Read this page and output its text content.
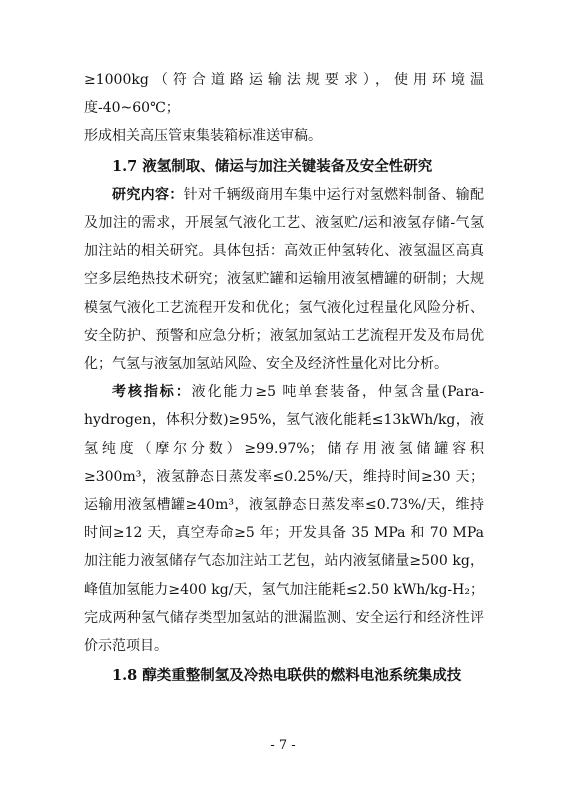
≥1000kg（符合道路运输法规要求），使用环境温度-40~60℃；

形成相关高压管束集装箱标准送审稿。

1.7 液氢制取、储运与加注关键装备及安全性研究

研究内容：针对千辆级商用车集中运行对氢燃料制备、输配及加注的需求，开展氢气液化工艺、液氢贮/运和液氢存储-气氢加注站的相关研究。具体包括：高效正仲氢转化、液氢温区高真空多层绝热技术研究；液氢贮罐和运输用液氢槽罐的研制；大规模氢气液化工艺流程开发和优化；氢气液化过程量化风险分析、安全防护、预警和应急分析；液氢加氢站工艺流程开发及布局优化；气氢与液氢加氢站风险、安全及经济性量化对比分析。

考核指标：液化能力≥5 吨单套装备，仲氢含量(Para-hydrogen，体积分数)≥95%，氢气液化能耗≤13kWh/kg，液氢纯度（摩尔分数）≥99.97%；储存用液氢储罐容积≥300m³，液氢静态日蒸发率≤0.25%/天，维持时间≥30 天；运输用液氢槽罐≥40m³，液氢静态日蒸发率≤0.73%/天，维持时间≥12 天，真空寿命≥5 年；开发具备 35 MPa 和 70 MPa 加注能力液氢储存气态加注站工艺包，站内液氢储量≥500 kg，峰值加氢能力≥400 kg/天，氢气加注能耗≤2.50 kWh/kg-H₂；完成两种氢气储存类型加氢站的泄漏监测、安全运行和经济性评价示范项目。

1.8 醇类重整制氢及冷热电联供的燃料电池系统集成技
- 7 -
